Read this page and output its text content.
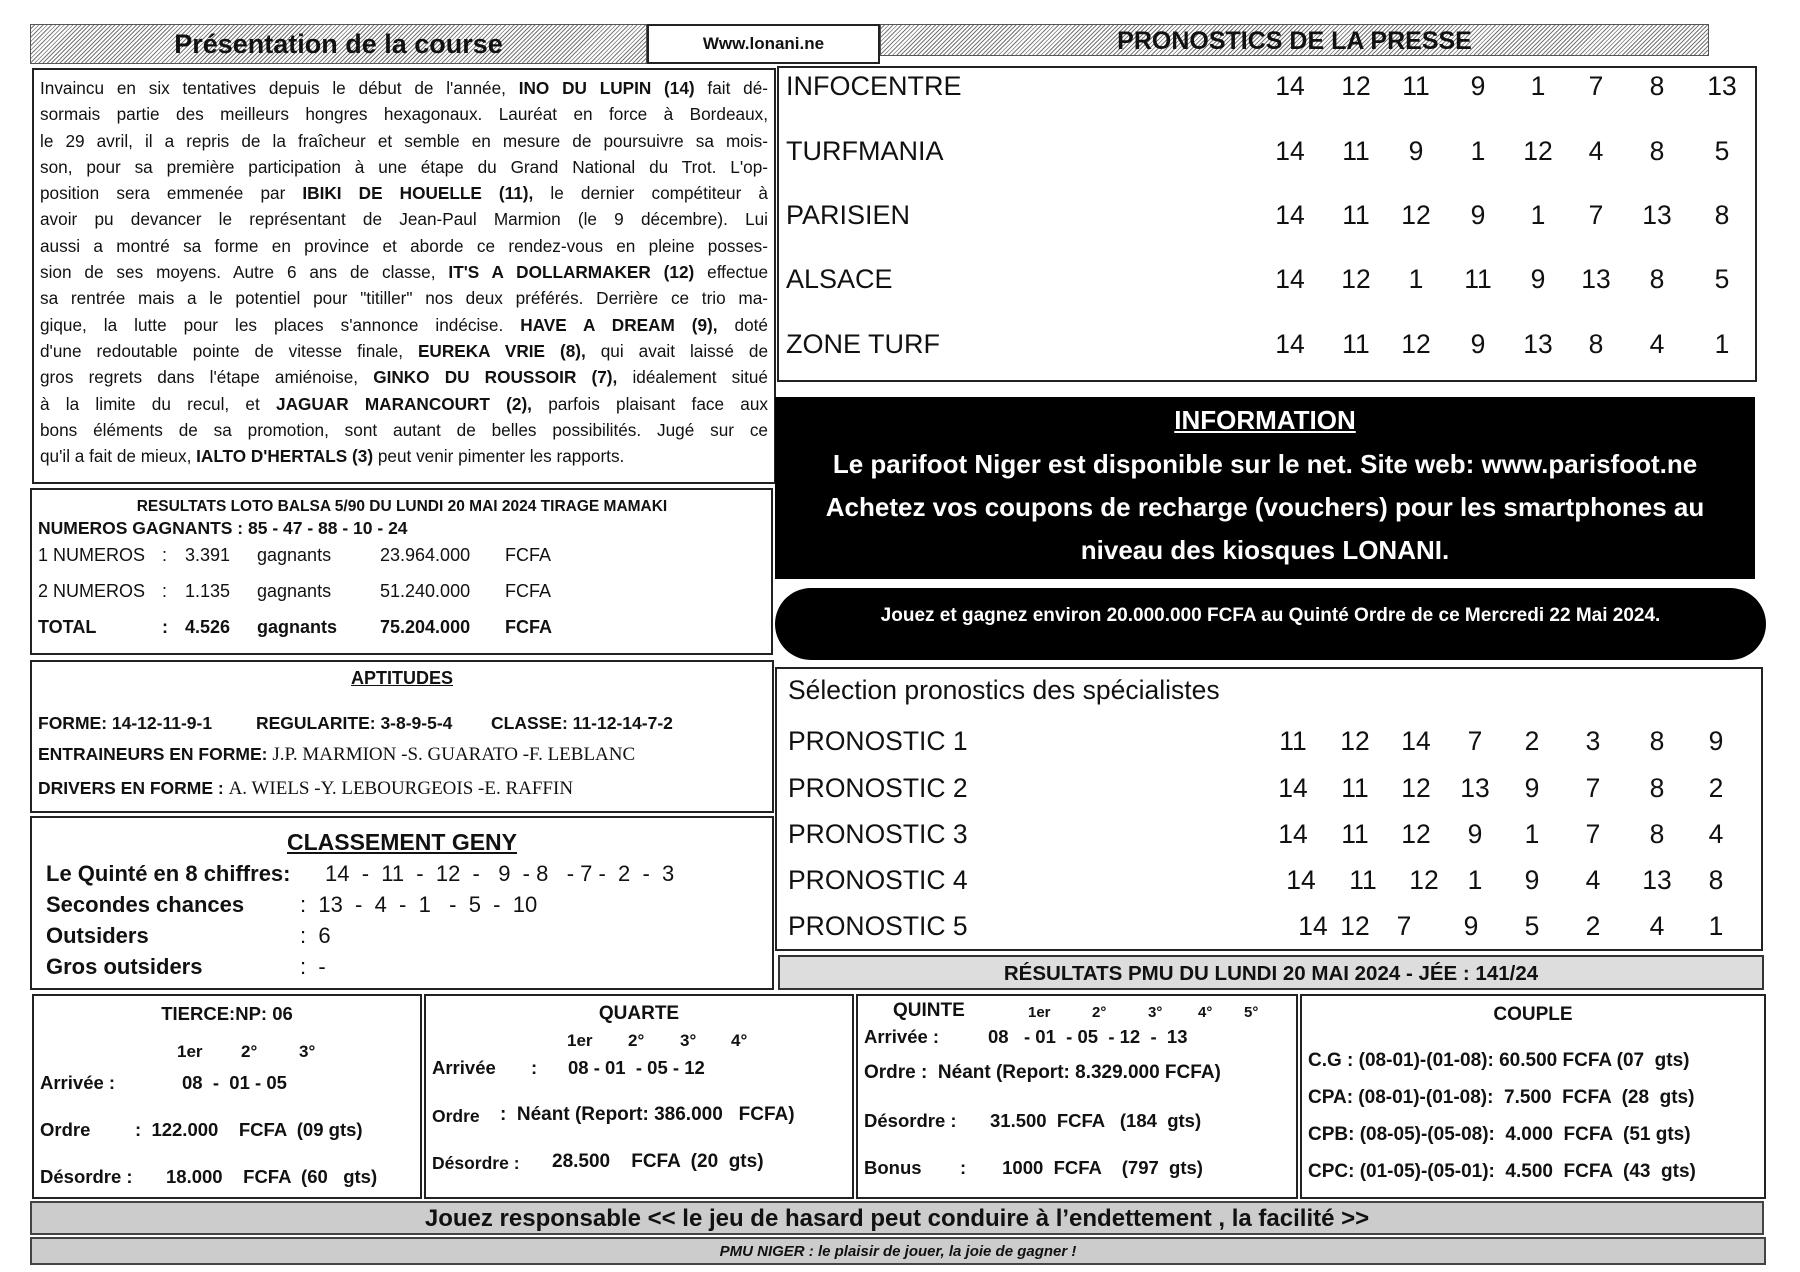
Présentation de la course	Www.lonani.ne	PRONOSTICS DE LA PRESSE
Invaincu en six tentatives depuis le début de l'année, INO DU LUPIN (14) fait dé-
sormais partie des meilleurs hongres hexagonaux. Lauréat en force à Bordeaux,
le 29 avril, il a repris de la fraîcheur et semble en mesure de poursuivre sa mois-
son, pour sa première participation à une étape du Grand National du Trot. L'op-
position sera emmenée par IBIKI DE HOUELLE (11), le dernier compétiteur à
avoir pu devancer le représentant de Jean-Paul Marmion (le 9 décembre). Lui
aussi a montré sa forme en province et aborde ce rendez-vous en pleine posses-
sion de ses moyens. Autre 6 ans de classe, IT'S A DOLLARMAKER (12) effectue
sa rentrée mais a le potentiel pour "titiller" nos deux préférés. Derrière ce trio ma-
gique, la lutte pour les places s'annonce indécise. HAVE A DREAM (9), doté
d'une redoutable pointe de vitesse finale, EUREKA VRIE (8), qui avait laissé de
gros regrets dans l'étape amiénoise, GINKO DU ROUSSOIR (7), idéalement situé
à la limite du recul, et JAGUAR MARANCOURT (2), parfois plaisant face aux
bons éléments de sa promotion, sont autant de belles possibilités. Jugé sur ce
qu'il a fait de mieux, IALTO D'HERTALS (3) peut venir pimenter les rapports.
INFOCENTRE	14	12	11	9	1	7	8	13
TURFMANIA	14	11	9	1	12	4	8	5
PARISIEN	14	11	12	9	1	7	13	8
ALSACE	14	12	1	11	9	13	8	5
ZONE TURF	14	11	12	9	13	8	4	1
INFORMATION
Le parifoot Niger est disponible sur le net. Site web: www.parisfoot.ne
Achetez vos coupons de recharge (vouchers) pour les smartphones au
niveau des kiosques LONANI.
Jouez et gagnez environ 20.000.000 FCFA au Quinté Ordre de ce Mercredi 22 Mai 2024.
RESULTATS LOTO BALSA 5/90 DU LUNDI 20 MAI 2024 TIRAGE MAMAKI
NUMEROS GAGNANTS : 85 - 47 - 88 - 10 - 24
1 NUMEROS : 3.391 gagnants	23.964.000 FCFA
2 NUMEROS : 1.135 gagnants	51.240.000 FCFA
TOTAL	: 4.526 gagnants 75.204.000 FCFA
APTITUDES
FORME: 14-12-11-9-1	REGULARITE: 3-8-9-5-4 CLASSE: 11-12-14-7-2
ENTRAINEURS EN FORME: J.P. MARMION -S. GUARATO -F. LEBLANC
DRIVERS EN FORME : A. WIELS -Y. LEBOURGEOIS -E. RAFFIN
CLASSEMENT GENY
Le Quinté en 8 chiffres: 14  -  11  -  12  -   9  - 8   - 7 -  2  -  3
Secondes chances	:  13  -  4  -  1   -  5  -  10
Outsiders	:  6
Gros outsiders	:  -
Sélection pronostics des spécialistes
PRONOSTIC 1	11	12	14	7	2	3	8	9
PRONOSTIC 2	14	11	12	13	9	7	8	2
PRONOSTIC 3	14	11	12	9	1	7	8	4
PRONOSTIC 4	14	11	12	1	9	4	13	8
PRONOSTIC 5	14 12	7	9	5	2	4	1
RÉSULTATS PMU DU LUNDI 20 MAI 2024 - JÉE : 141/24
TIERCE:NP: 06
1er 2° 3°
Arrivée :	08  -  01 - 05
Ordre :  122.000    FCFA  (09 gts)
Désordre : 18.000    FCFA  (60   gts)
QUARTE
1er 2° 3° 4°
Arrivée :      08 - 01  - 05 - 12
Ordre :  Néant (Report: 386.000   FCFA)
Désordre : 28.500    FCFA  (20  gts)
QUINTE	1er	2°	3° 4° 5°
Arrivée :	08   - 01  - 05  - 12  -  13
Ordre :  Néant (Report: 8.329.000 FCFA)
Désordre : 31.500  FCFA   (184  gts)
Bonus :       1000  FCFA    (797  gts)
COUPLE
C.G : (08-01)-(01-08): 60.500 FCFA (07  gts)
CPA: (08-01)-(01-08):  7.500  FCFA  (28  gts)
CPB: (08-05)-(05-08):  4.000  FCFA  (51 gts)
CPC: (01-05)-(05-01):  4.500  FCFA  (43  gts)
Jouez responsable << le jeu de hasard peut conduire à l’endettement , la facilité >>
PMU NIGER : le plaisir de jouer, la joie de gagner !
